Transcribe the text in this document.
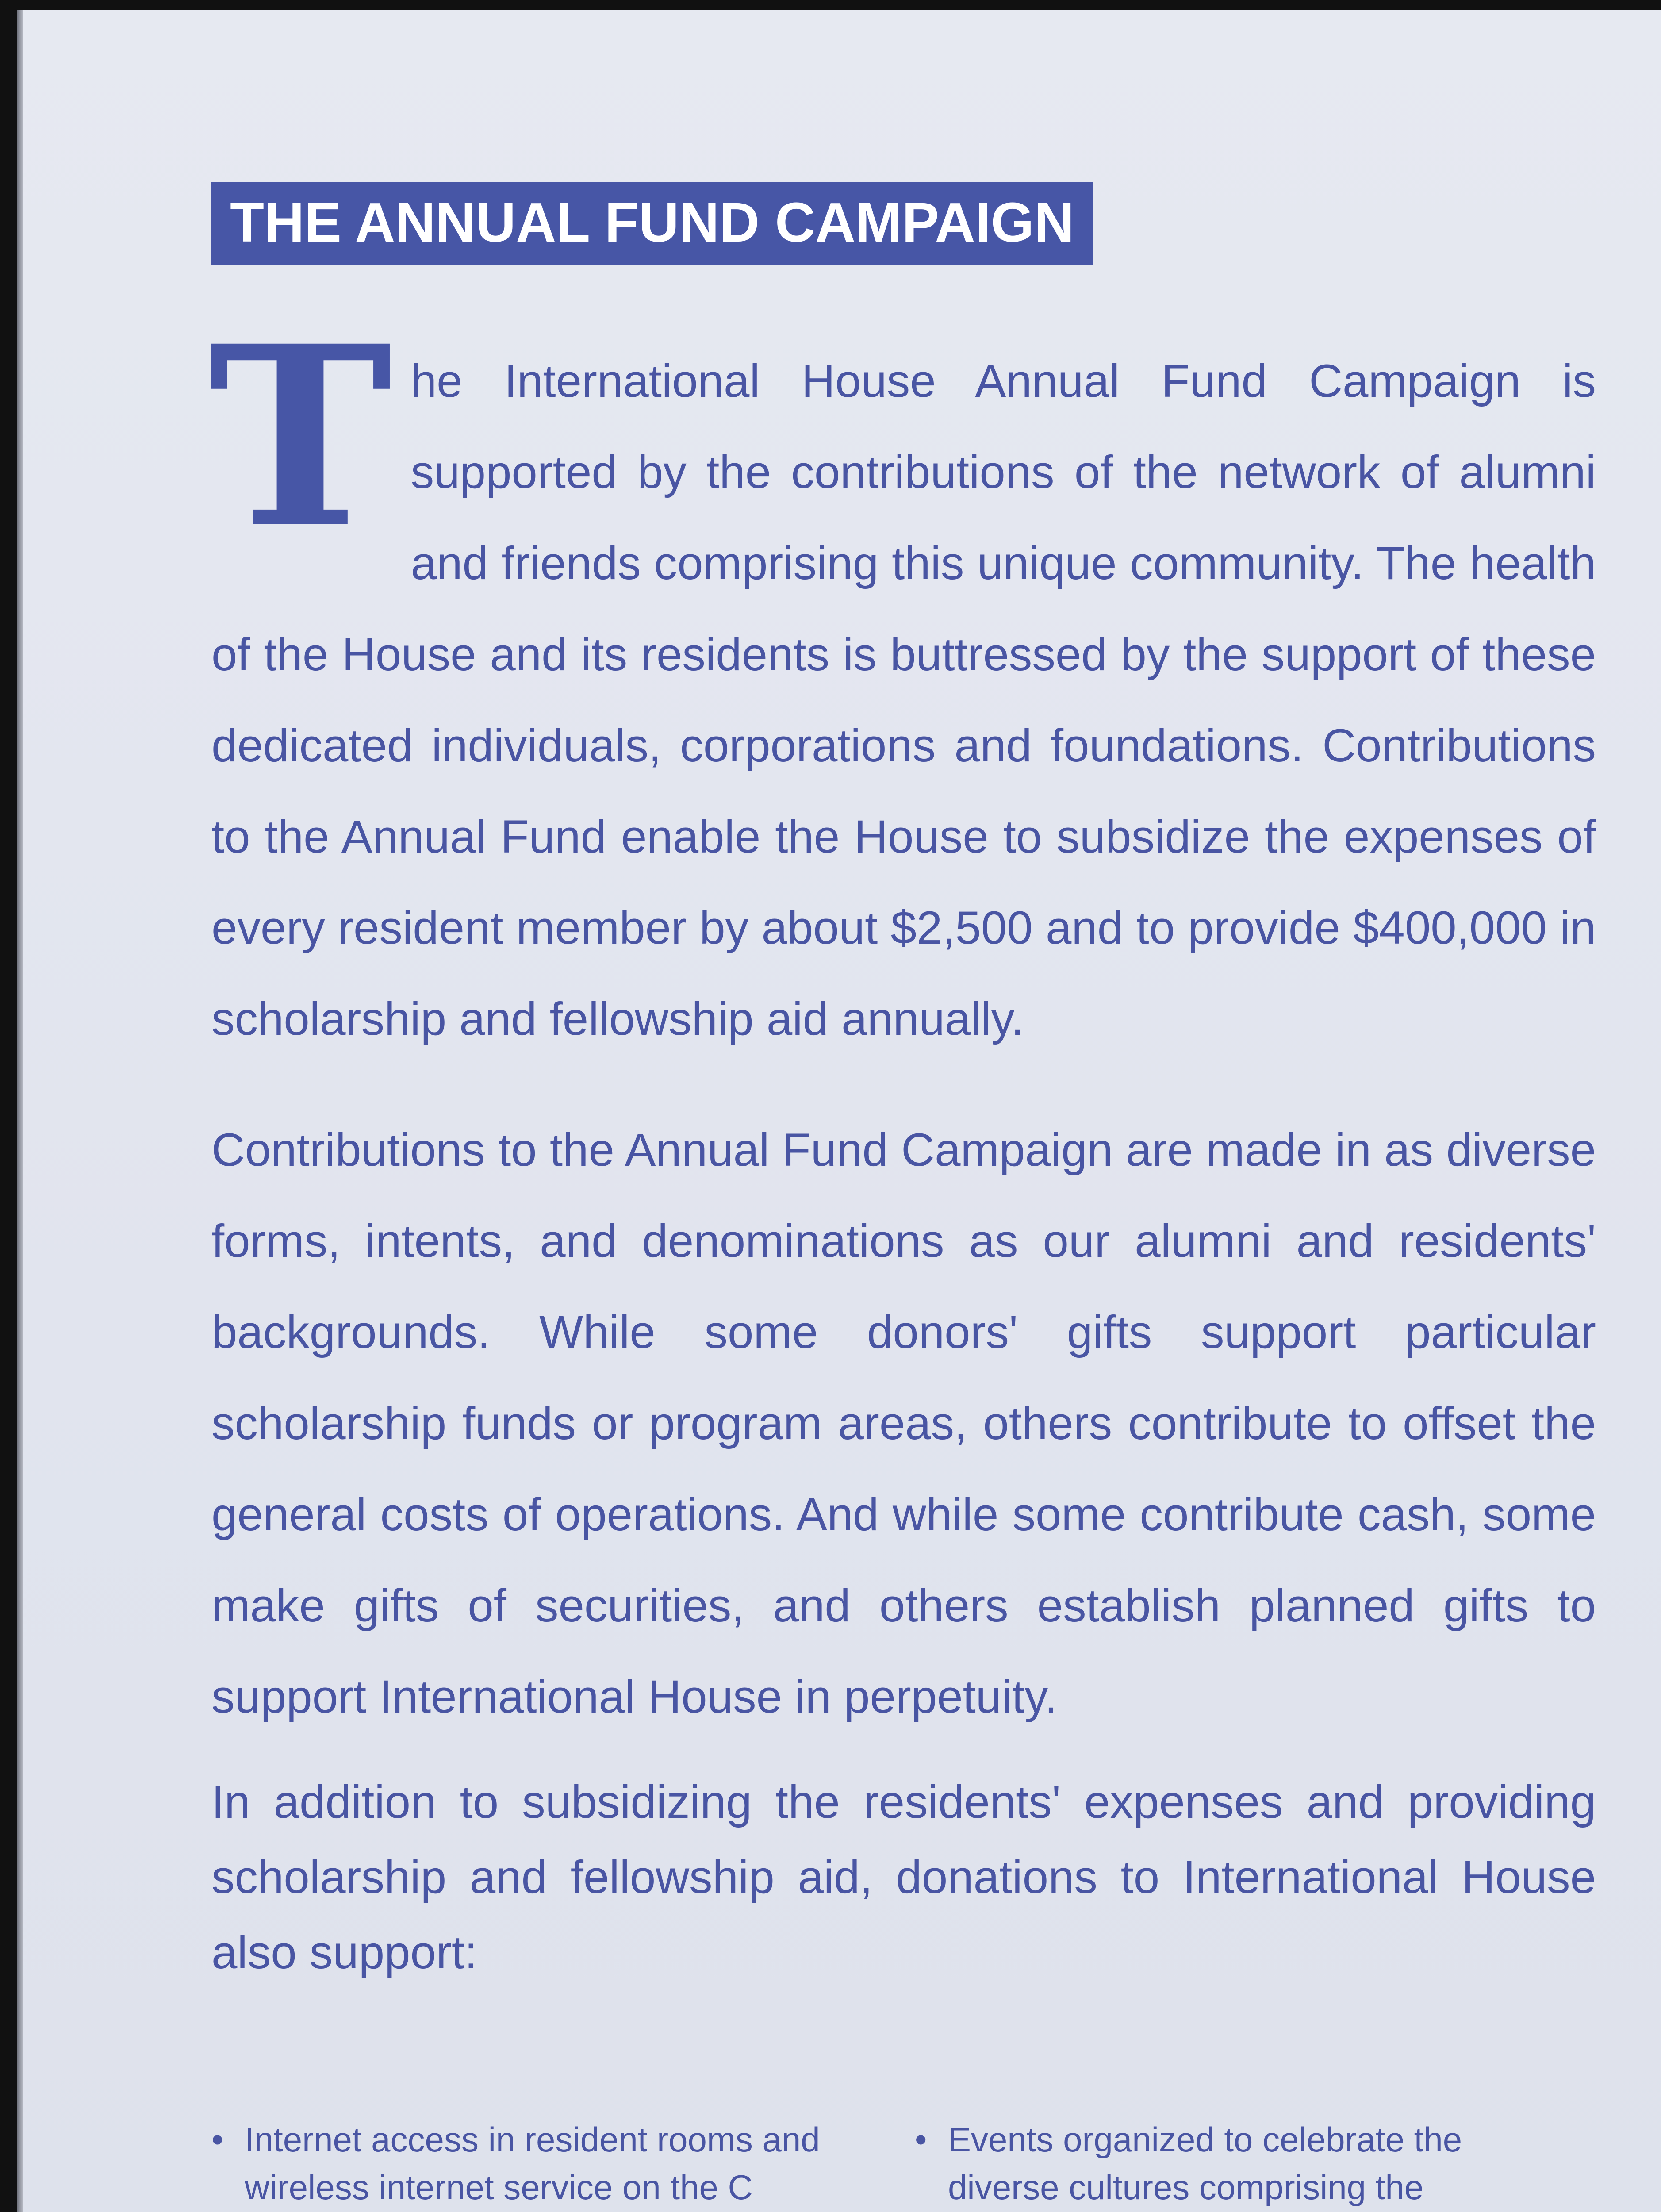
THE ANNUAL FUND CAMPAIGN

T he International House Annual Fund Campaign is supported by the contributions of the network of alumni and friends comprising this unique community. The health of the House and its residents is buttressed by the support of these dedicated individuals, corporations and foundations. Contributions to the Annual Fund enable the House to subsidize the expenses of every resident member by about $2,500 and to provide $400,000 in scholarship and fellowship aid annually.

Contributions to the Annual Fund Campaign are made in as diverse forms, intents, and denominations as our alumni and residents' backgrounds. While some donors' gifts support particular scholarship funds or program areas, others contribute to offset the general costs of operations. And while some contribute cash, some make gifts of securities, and others establish planned gifts to support International House in perpetuity.

In addition to subsidizing the residents' expenses and providing scholarship and fellowship aid, donations to International House also support:

• Internet access in resident rooms and wireless internet service on the C
• Events organized to celebrate the diverse cultures comprising the
